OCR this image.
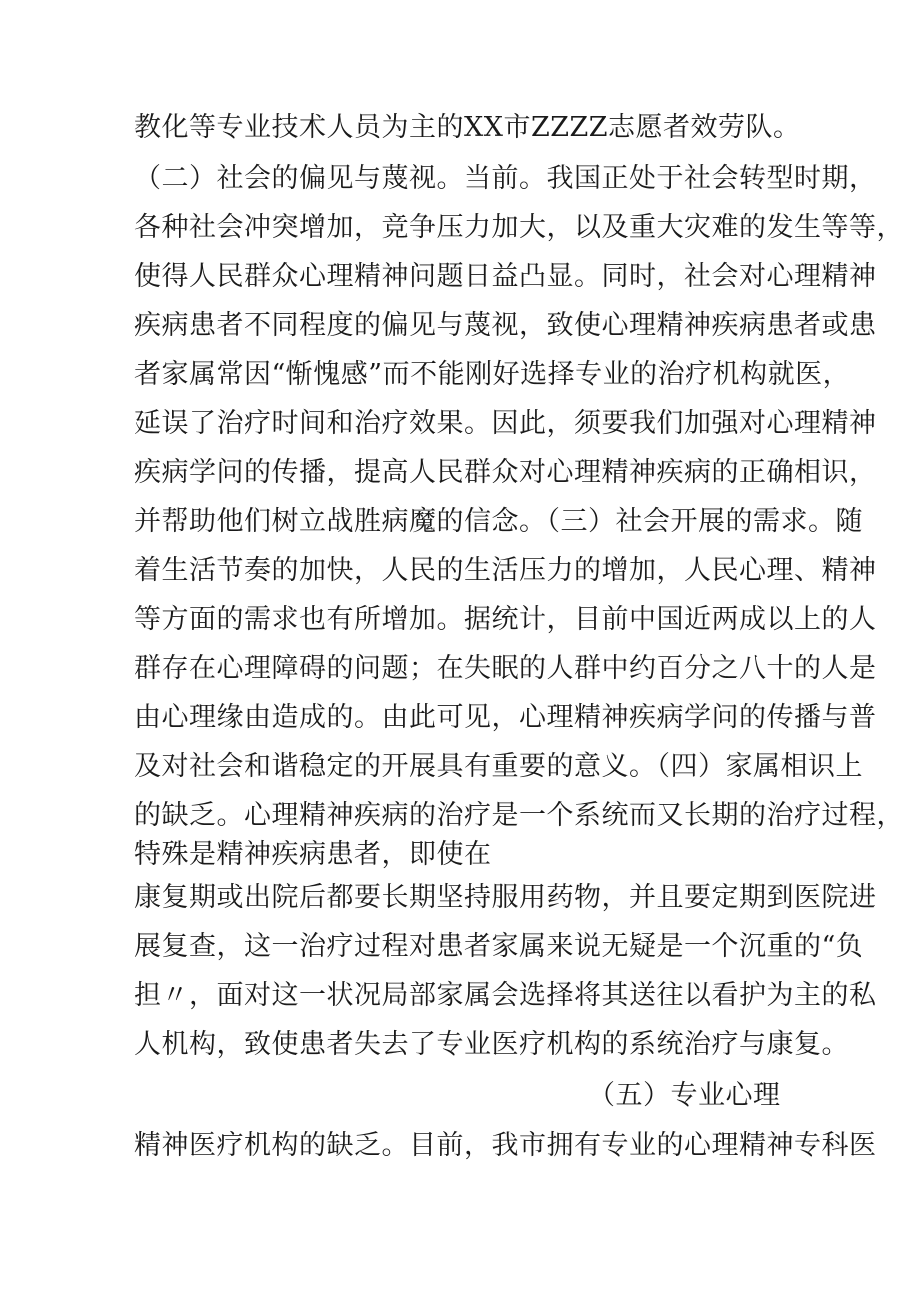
教化等专业技术人员为主的XX市ZZZZ志愿者效劳队。
（二）社会的偏见与蔑视。当前。我国正处于社会转型时期，
各种社会冲突增加，竞争压力加大，以及重大灾难的发生等等，
使得人民群众心理精神问题日益凸显。同时，社会对心理精神
疾病患者不同程度的偏见与蔑视，致使心理精神疾病患者或患
者家属常因“惭愧感”而不能刚好选择专业的治疗机构就医，
延误了治疗时间和治疗效果。因此，须要我们加强对心理精神
疾病学问的传播，提高人民群众对心理精神疾病的正确相识，
并帮助他们树立战胜病魔的信念。（三）社会开展的需求。随
着生活节奏的加快，人民的生活压力的增加，人民心理、精神
等方面的需求也有所增加。据统计，目前中国近两成以上的人
群存在心理障碍的问题；在失眠的人群中约百分之八十的人是
由心理缘由造成的。由此可见，心理精神疾病学问的传播与普
及对社会和谐稳定的开展具有重要的意义。（四）家属相识上
的缺乏。心理精神疾病的治疗是一个系统而又长期的治疗过程，
特殊是精神疾病患者，即使在
康复期或出院后都要长期坚持服用药物，并且要定期到医院进
展复查，这一治疗过程对患者家属来说无疑是一个沉重的“负
担〃，面对这一状况局部家属会选择将其送往以看护为主的私
人机构，致使患者失去了专业医疗机构的系统治疗与康复。
（五）专业心理
精神医疗机构的缺乏。目前，我市拥有专业的心理精神专科医
